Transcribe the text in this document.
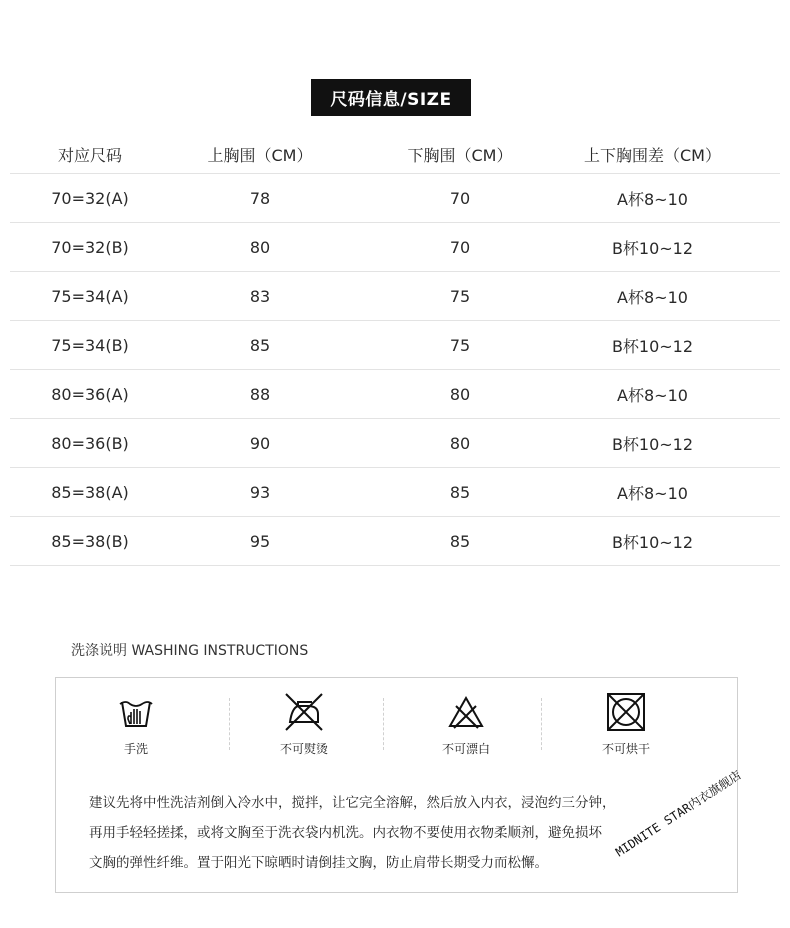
尺码信息/SIZE
对应尺码	上胸围（CM）	下胸围（CM）	上下胸围差（CM）
70=32(A)	78	70	A杯8~10
70=32(B)	80	70	B杯10~12
75=34(A)	83	75	A杯8~10
75=34(B)	85	75	B杯10~12
80=36(A)	88	80	A杯8~10
80=36(B)	90	80	B杯10~12
85=38(A)	93	85	A杯8~10
85=38(B)	95	85	B杯10~12
洗涤说明 WASHING INSTRUCTIONS
手洗	不可熨烫	不可漂白	不可烘干

建议先将中性洗洁剂倒入冷水中，搅拌，让它完全溶解，然后放入内衣，浸泡约三分钟，

再用手轻轻搓揉，或将文胸至于洗衣袋内机洗。内衣物不要使用衣物柔顺剂，避免损坏

文胸的弹性纤维。置于阳光下晾晒时请倒挂文胸，防止肩带长期受力而松懈。

MIDNITE STAR内衣旗舰店
